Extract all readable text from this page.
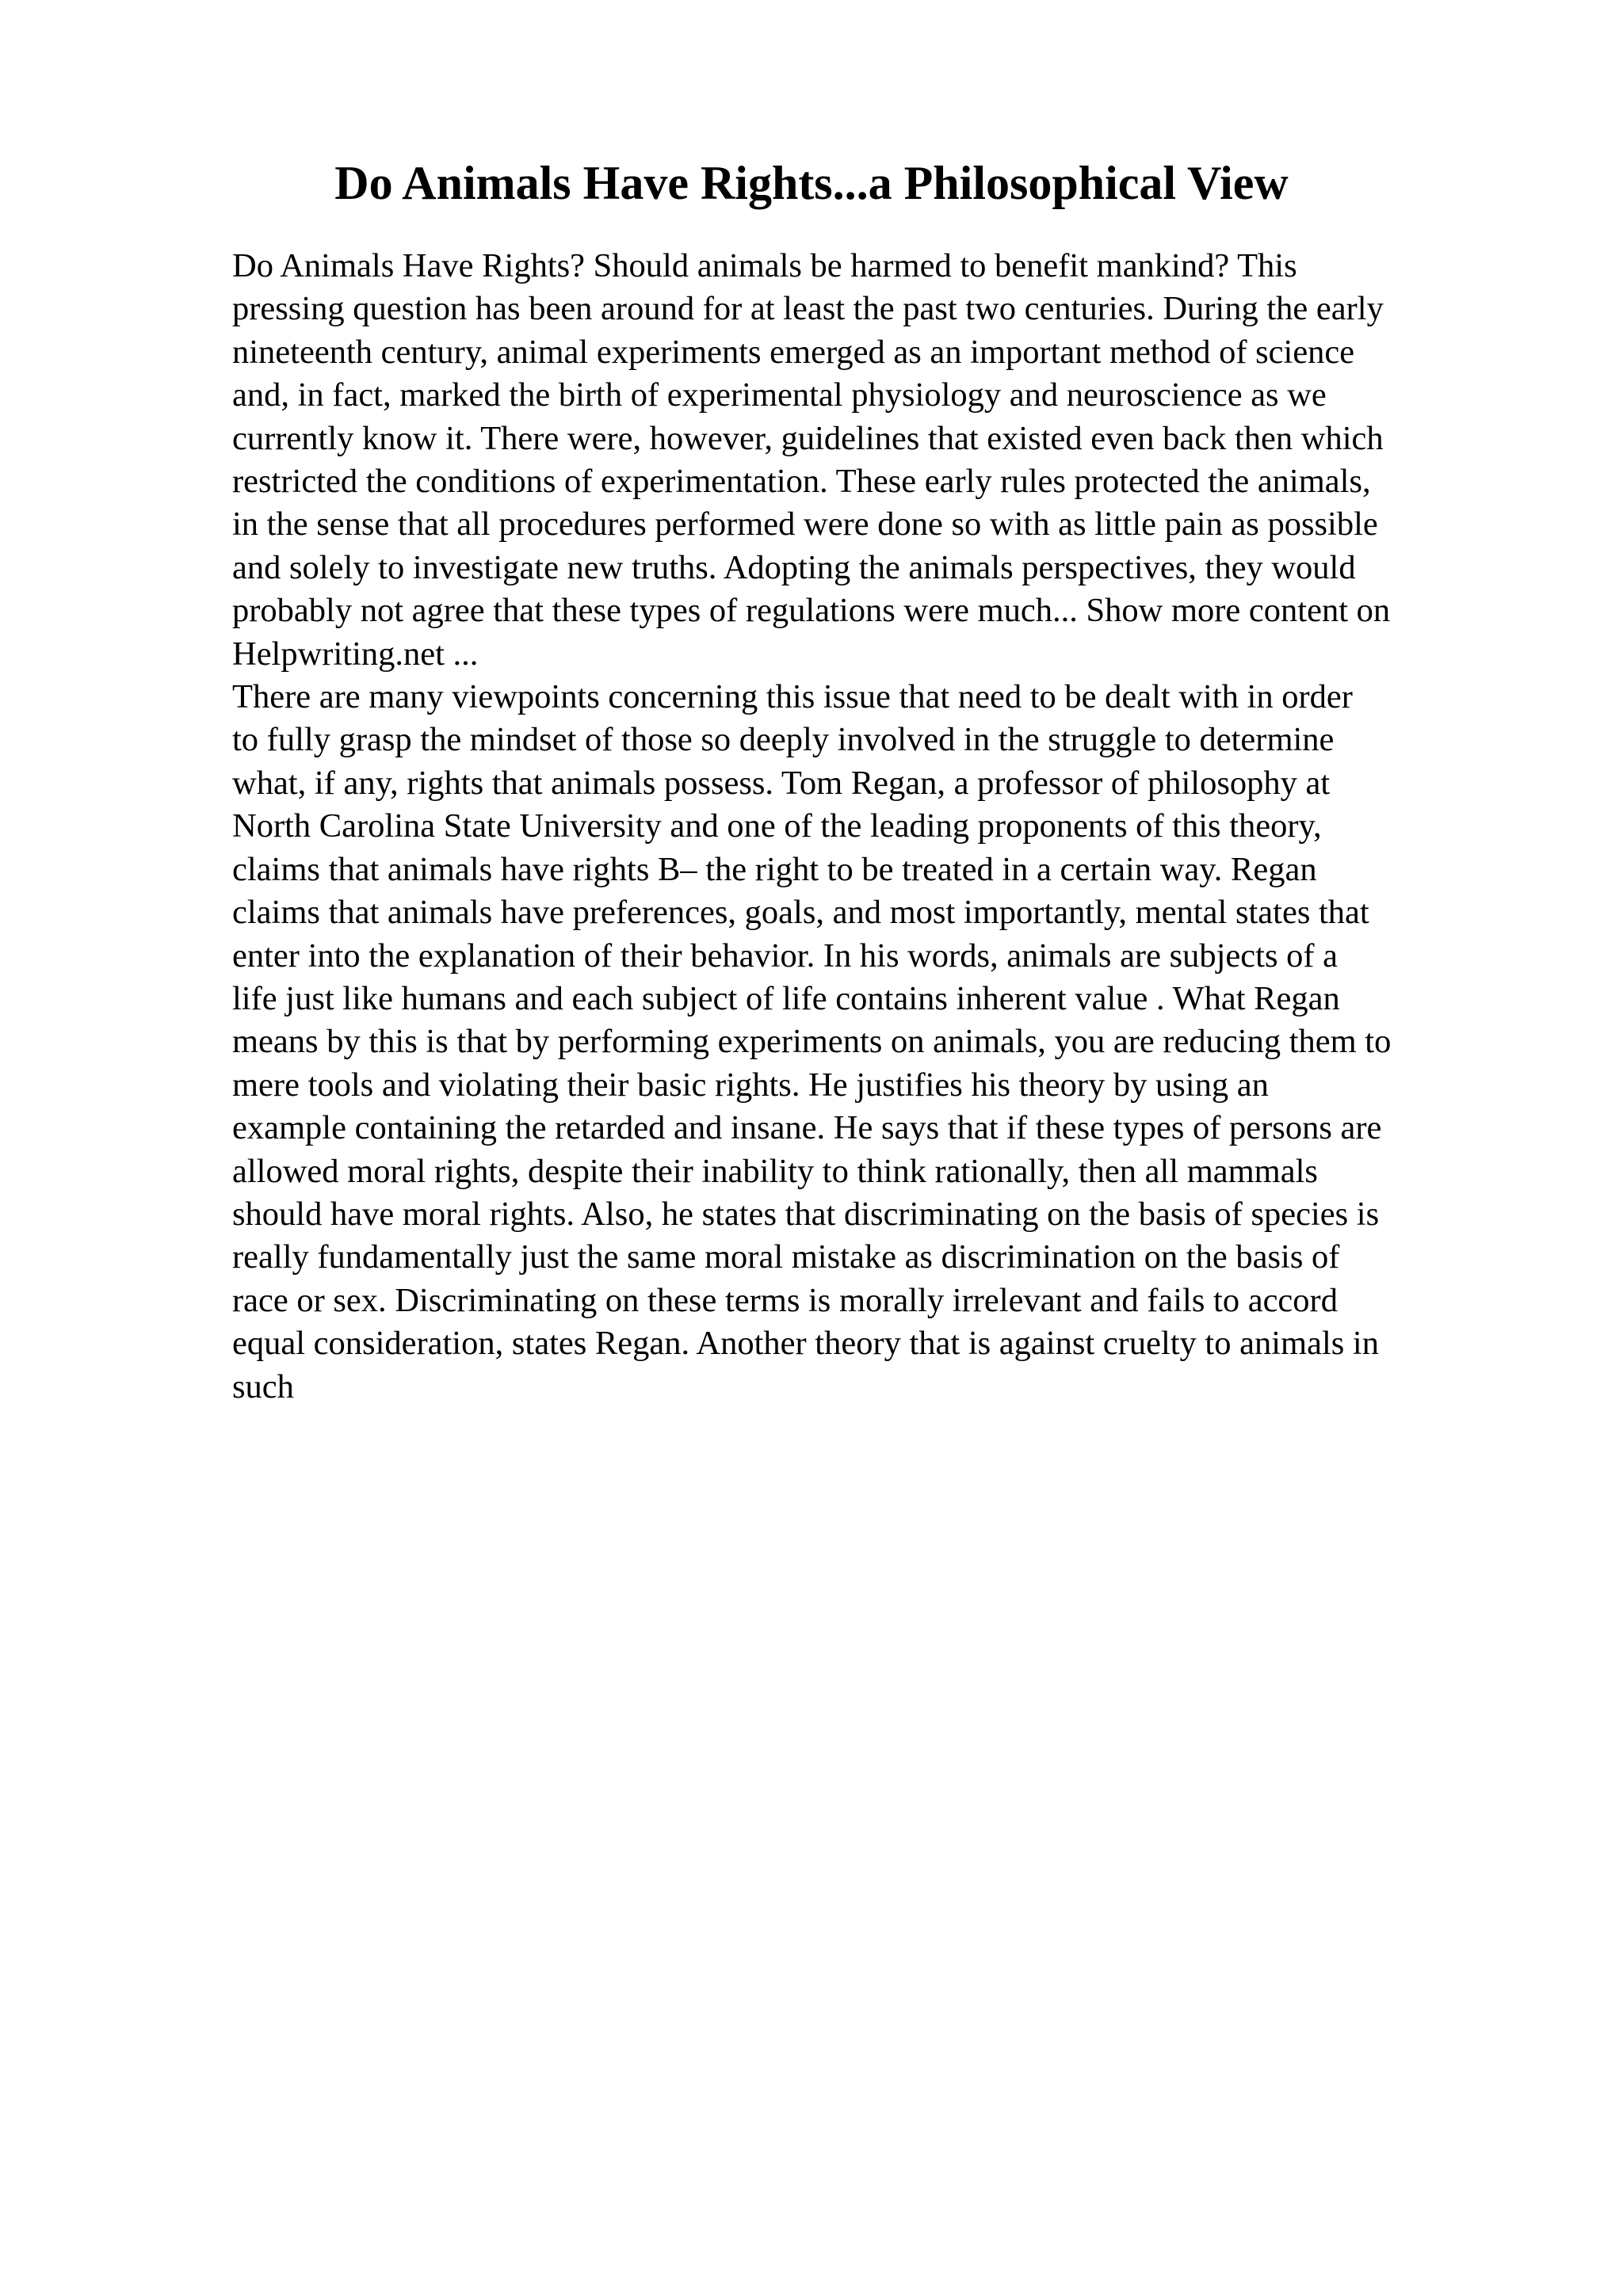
Do Animals Have Rights...a Philosophical View

Do Animals Have Rights? Should animals be harmed to benefit mankind? This
pressing question has been around for at least the past two centuries. During the early
nineteenth century, animal experiments emerged as an important method of science
and, in fact, marked the birth of experimental physiology and neuroscience as we
currently know it. There were, however, guidelines that existed even back then which
restricted the conditions of experimentation. These early rules protected the animals,
in the sense that all procedures performed were done so with as little pain as possible
and solely to investigate new truths. Adopting the animals perspectives, they would
probably not agree that these types of regulations were much... Show more content on
Helpwriting.net ...

There are many viewpoints concerning this issue that need to be dealt with in order
to fully grasp the mindset of those so deeply involved in the struggle to determine
what, if any, rights that animals possess. Tom Regan, a professor of philosophy at
North Carolina State University and one of the leading proponents of this theory,
claims that animals have rights В– the right to be treated in a certain way. Regan
claims that animals have preferences, goals, and most importantly, mental states that
enter into the explanation of their behavior. In his words, animals are subjects of a
life just like humans and each subject of life contains inherent value . What Regan
means by this is that by performing experiments on animals, you are reducing them to
mere tools and violating their basic rights. He justifies his theory by using an
example containing the retarded and insane. He says that if these types of persons are
allowed moral rights, despite their inability to think rationally, then all mammals
should have moral rights. Also, he states that discriminating on the basis of species is
really fundamentally just the same moral mistake as discrimination on the basis of
race or sex. Discriminating on these terms is morally irrelevant and fails to accord
equal consideration, states Regan. Another theory that is against cruelty to animals in
such
